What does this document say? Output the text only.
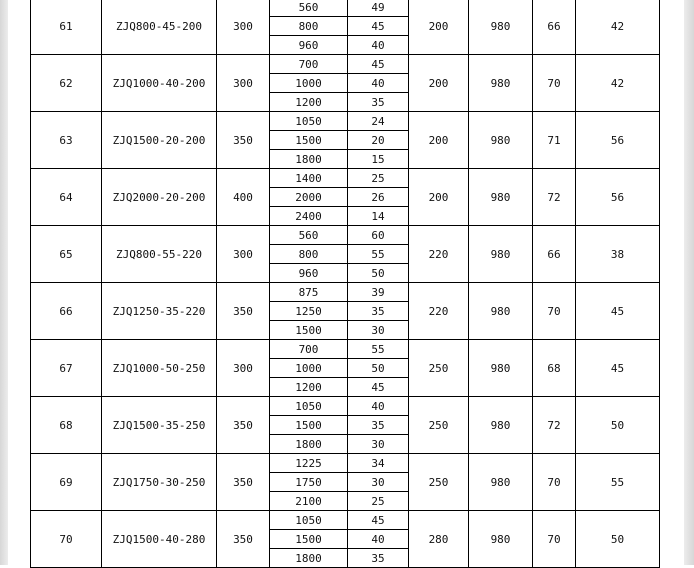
61	ZJQ800-45-200	300	560	49	200	980	66	42
			800	45				
			960	40				
62	ZJQ1000-40-200	300	700	45	200	980	70	42
			1000	40				
			1200	35				
63	ZJQ1500-20-200	350	1050	24	200	980	71	56
			1500	20				
			1800	15				
64	ZJQ2000-20-200	400	1400	25	200	980	72	56
			2000	26				
			2400	14				
65	ZJQ800-55-220	300	560	60	220	980	66	38
			800	55				
			960	50				
66	ZJQ1250-35-220	350	875	39	220	980	70	45
			1250	35				
			1500	30				
67	ZJQ1000-50-250	300	700	55	250	980	68	45
			1000	50				
			1200	45				
68	ZJQ1500-35-250	350	1050	40	250	980	72	50
			1500	35				
			1800	30				
69	ZJQ1750-30-250	350	1225	34	250	980	70	55
			1750	30				
			2100	25				
70	ZJQ1500-40-280	350	1050	45	280	980	70	50
			1500	40				
			1800	35				
